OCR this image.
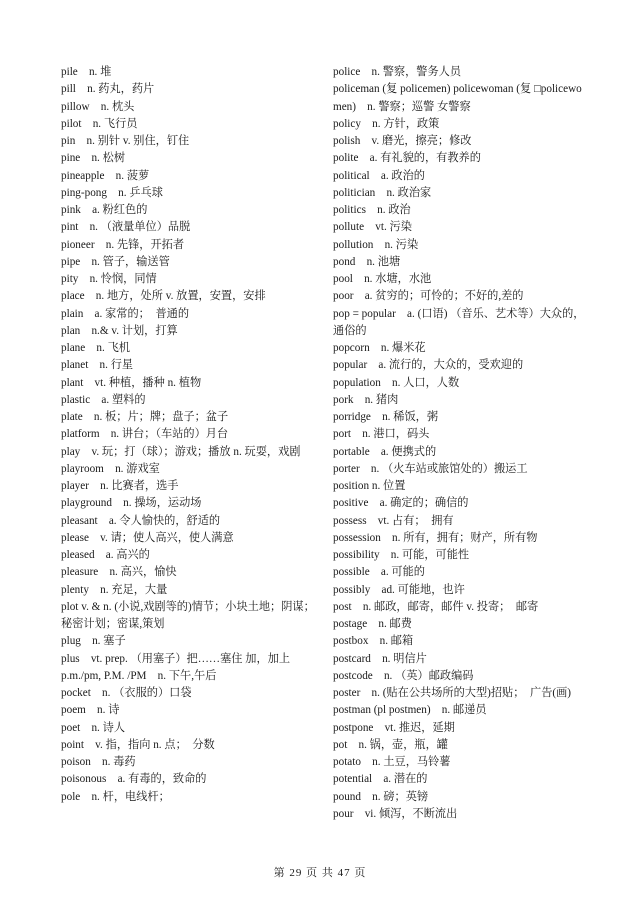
pile　n. 堆
pill　n. 药丸，药片
pillow　n. 枕头
pilot　n. 飞行员
pin　n. 别针 v. 别住，钉住
pine　n. 松树
pineapple　n. 菠萝
ping-pong　n. 乒乓球
pink　a. 粉红色的
pint　n. （液量单位）品脱
pioneer　n. 先锋，开拓者
pipe　n. 管子，输送管
pity　n. 怜悯，同情
place　n. 地方，处所 v. 放置，安置，安排
plain　a. 家常的；　普通的
plan　n.& v. 计划，打算
plane　n. 飞机
planet　n. 行星
plant　vt. 种植，播种 n. 植物
plastic　a. 塑料的
plate　n. 板；片；牌；盘子；盆子
platform　n. 讲台；（车站的）月台
play　v. 玩；打（球）；游戏；播放 n. 玩耍，戏剧
playroom　n. 游戏室
player　n. 比赛者，选手
playground　n. 操场，运动场
pleasant　a. 令人愉快的，舒适的
please　v. 请；使人高兴，使人满意
pleased　a. 高兴的
pleasure　n. 高兴，愉快
plenty　n. 充足，大量
plot v. & n. (小说,戏剧等的)情节；小块土地；阴谋；秘密计划；密谋,策划
plug　n. 塞子
plus　vt. prep. （用塞子）把……塞住 加，加上
p.m./pm, P.M. /PM　n. 下午,午后
pocket　n. （衣服的）口袋
poem　n. 诗
poet　n. 诗人
point　v. 指，指向 n. 点；　分数
poison　n. 毒药
poisonous　a. 有毒的，致命的
pole　n. 杆，电线杆；
police　n. 警察，警务人员
policeman (复 policemen) policewoman (复 □policewomen)　n. 警察；巡警 女警察
policy　n. 方针，政策
polish　v. 磨光，擦亮；修改
polite　a. 有礼貌的，有教养的
political　a. 政治的
politician　n. 政治家
politics　n. 政治
pollute　vt. 污染
pollution　n. 污染
pond　n. 池塘
pool　n. 水塘，水池
poor　a. 贫穷的；可怜的；不好的,差的
pop = popular　a. (口语) （音乐、艺术等）大众的，通俗的
popcorn　n. 爆米花
popular　a. 流行的，大众的，受欢迎的
population　n. 人口，人数
pork　n. 猪肉
porridge　n. 稀饭，粥
port　n. 港口，码头
portable　a. 便携式的
porter　n. （火车站或旅馆处的）搬运工
position n. 位置
positive　a. 确定的；确信的
possess　vt. 占有；　拥有
possession　n. 所有，拥有；财产，所有物
possibility　n. 可能，可能性
possible　a. 可能的
possibly　ad. 可能地，也许
post　n. 邮政，邮寄，邮件 v. 投寄；　邮寄
postage　n. 邮费
postbox　n. 邮箱
postcard　n. 明信片
postcode　n. （英）邮政编码
poster　n. (贴在公共场所的大型)招贴；　广告(画)
postman (pl postmen)　n. 邮递员
postpone　vt. 推迟，延期
pot　n. 锅，壶，瓶，罐
potato　n. 土豆，马铃薯
potential　a. 潜在的
pound　n. 磅；英镑
pour　vi. 倾泻，不断流出
第 29 页 共 47 页
